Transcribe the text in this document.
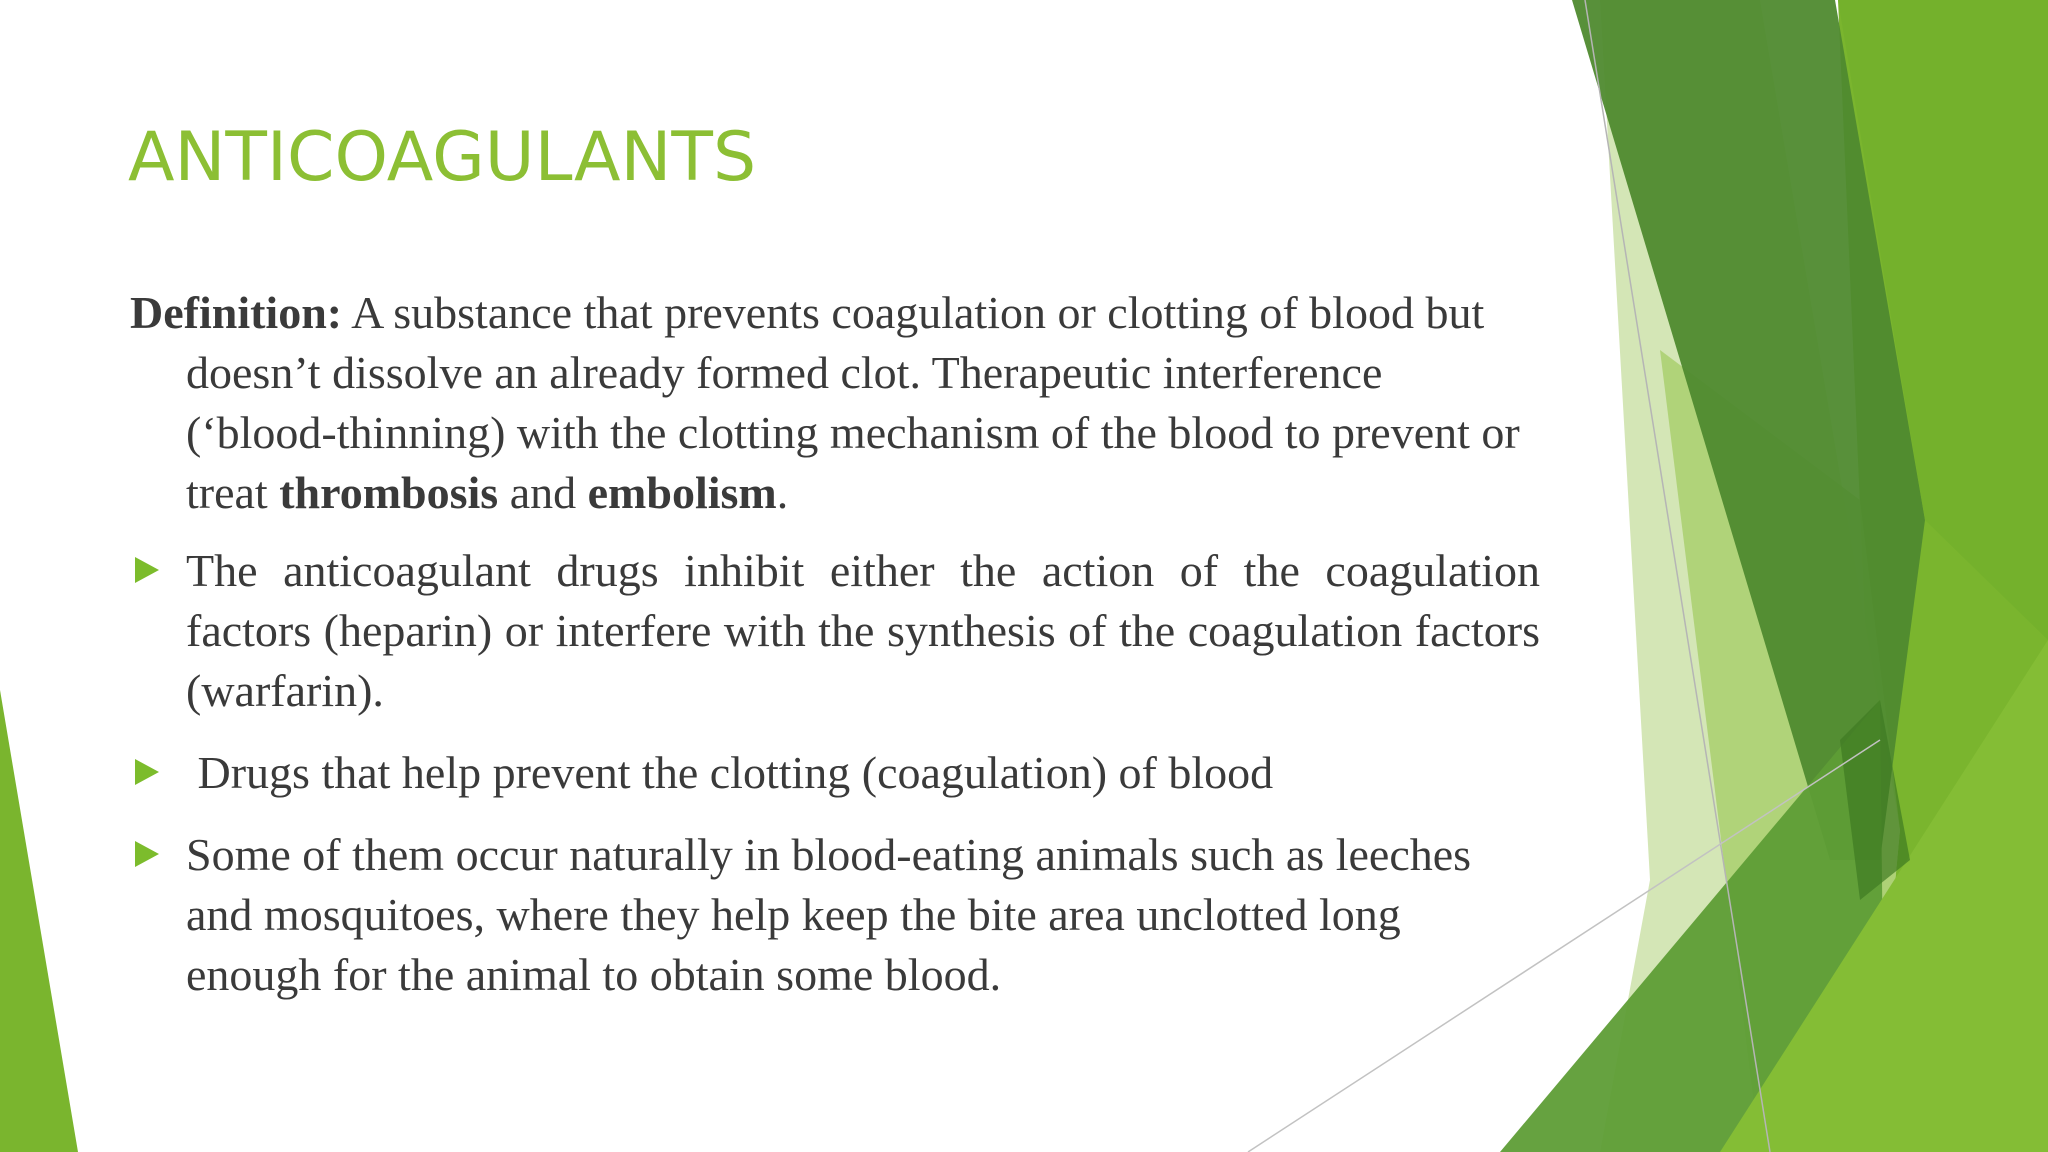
ANTICOAGULANTS

Definition: A substance that prevents coagulation or clotting of blood but doesn’t dissolve an already formed clot. Therapeutic interference (‘blood-thinning) with the clotting mechanism of the blood to prevent or treat thrombosis and embolism.

The anticoagulant drugs inhibit either the action of the coagulation factors (heparin) or interfere with the synthesis of the coagulation factors (warfarin).

Drugs that help prevent the clotting (coagulation) of blood

Some of them occur naturally in blood-eating animals such as leeches and mosquitoes, where they help keep the bite area unclotted long enough for the animal to obtain some blood.
